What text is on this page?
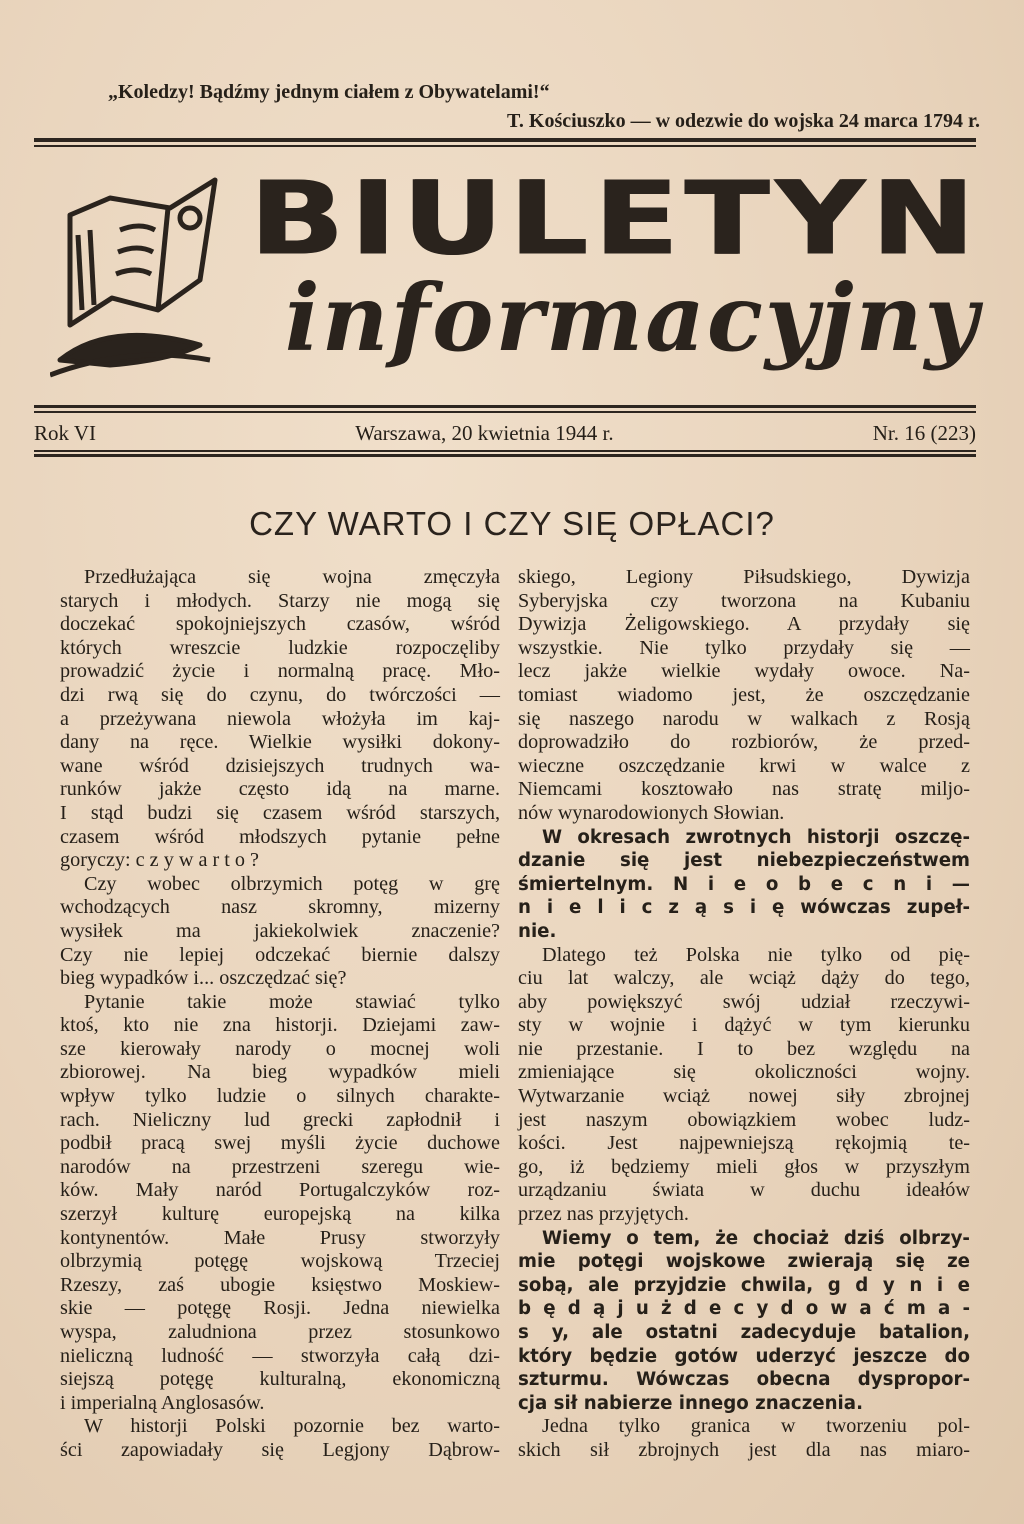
„Koledzy! Bądźmy jednym ciałem z Obywatelami!“
T. Kościuszko — w odezwie do wojska 24 marca 1794 r.
BIULETYN
informacyjny
Rok VI	Warszawa, 20 kwietnia 1944 r.	Nr. 16 (223)
CZY WARTO I CZY SIĘ OPŁACI?
Przedłużająca się wojna zmęczyła
starych i młodych. Starzy nie mogą się
doczekać spokojniejszych czasów, wśród
których wreszcie ludzkie rozpoczęliby
prowadzić życie i normalną pracę. Mło-
dzi rwą się do czynu, do twórczości —
a przeżywana niewola włożyła im kaj-
dany na ręce. Wielkie wysiłki dokony-
wane wśród dzisiejszych trudnych wa-
runków jakże często idą na marne.
I stąd budzi się czasem wśród starszych,
czasem wśród młodszych pytanie pełne
goryczy: c z y w a r t o ?
Czy wobec olbrzymich potęg w grę
wchodzących nasz skromny, mizerny
wysiłek ma jakiekolwiek znaczenie?
Czy nie lepiej odczekać biernie dalszy
bieg wypadków i... oszczędzać się?
Pytanie takie może stawiać tylko
ktoś, kto nie zna historji. Dziejami zaw-
sze kierowały narody o mocnej woli
zbiorowej. Na bieg wypadków mieli
wpływ tylko ludzie o silnych charakte-
rach. Nieliczny lud grecki zapłodnił i
podbił pracą swej myśli życie duchowe
narodów na przestrzeni szeregu wie-
ków. Mały naród Portugalczyków roz-
szerzył kulturę europejską na kilka
kontynentów. Małe Prusy stworzyły
olbrzymią potęgę wojskową Trzeciej
Rzeszy, zaś ubogie księstwo Moskiew-
skie — potęgę Rosji. Jedna niewielka
wyspa, zaludniona przez stosunkowo
nieliczną ludność — stworzyła całą dzi-
siejszą potęgę kulturalną, ekonomiczną
i imperialną Anglosasów.
W historji Polski pozornie bez warto-
ści zapowiadały się Legjony Dąbrow-
skiego, Legiony Piłsudskiego, Dywizja
Syberyjska czy tworzona na Kubaniu
Dywizja Żeligowskiego. A przydały się
wszystkie. Nie tylko przydały się —
lecz jakże wielkie wydały owoce. Na-
tomiast wiadomo jest, że oszczędzanie
się naszego narodu w walkach z Rosją
doprowadziło do rozbiorów, że przed-
wieczne oszczędzanie krwi w walce z
Niemcami kosztowało nas stratę miljo-
nów wynarodowionych Słowian.
W okresach zwrotnych historji oszczę-
dzanie się jest niebezpieczeństwem
śmiertelnym. N i e o b e c n i —
n i e l i c z ą s i ę wówczas zupeł-
nie.
Dlatego też Polska nie tylko od pię-
ciu lat walczy, ale wciąż dąży do tego,
aby powiększyć swój udział rzeczywi-
sty w wojnie i dążyć w tym kierunku
nie przestanie. I to bez względu na
zmieniające się okoliczności wojny.
Wytwarzanie wciąż nowej siły zbrojnej
jest naszym obowiązkiem wobec ludz-
kości. Jest najpewniejszą rękojmią te-
go, iż będziemy mieli głos w przyszłym
urządzaniu świata w duchu ideałów
przez nas przyjętych.
Wiemy o tem, że chociaż dziś olbrzy-
mie potęgi wojskowe zwierają się ze
sobą, ale przyjdzie chwila, g d y n i e
b ę d ą j u ż d e c y d o w a ć m a -
s y, ale ostatni zadecyduje batalion,
który będzie gotów uderzyć jeszcze do
szturmu. Wówczas obecna dyspropor-
cja sił nabierze innego znaczenia.
Jedna tylko granica w tworzeniu pol-
skich sił zbrojnych jest dla nas miaro-
